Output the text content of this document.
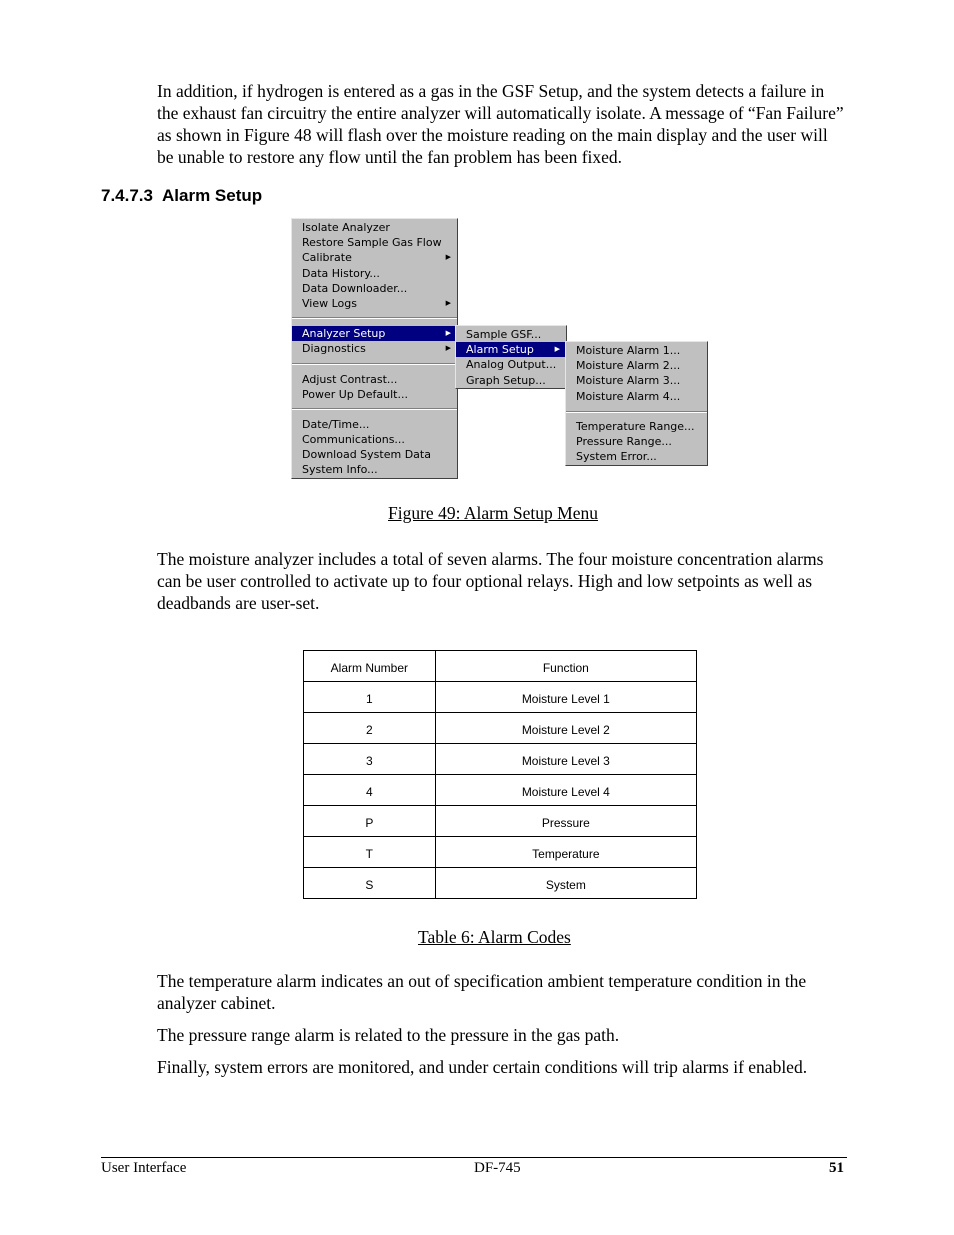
In addition, if hydrogen is entered as a gas in the GSF Setup, and the system detects a failure in the exhaust fan circuitry the entire analyzer will automatically isolate. A message of “Fan Failure” as shown in Figure 48 will flash over the moisture reading on the main display and the user will be unable to restore any flow until the fan problem has been fixed.

7.4.7.3 Alarm Setup
Isolate Analyzer
Restore Sample Gas Flow
Calibrate	▶
Data History...
Data Downloader...
View Logs	▶
Analyzer Setup	▶
Diagnostics	▶
Adjust Contrast...
Power Up Default...
Date/Time...
Communications...
Download System Data
System Info...
Sample GSF...
Alarm Setup	▶
Analog Output...
Graph Setup...
Moisture Alarm 1...
Moisture Alarm 2...
Moisture Alarm 3...
Moisture Alarm 4...
Temperature Range...
Pressure Range...
System Error...

Figure 49: Alarm Setup Menu

The moisture analyzer includes a total of seven alarms. The four moisture concentration alarms can be user controlled to activate up to four optional relays. High and low setpoints as well as deadbands are user-set.

Alarm Number	Function
1	Moisture Level 1
2	Moisture Level 2
3	Moisture Level 3
4	Moisture Level 4
P	Pressure
T	Temperature
S	System

Table 6: Alarm Codes

The temperature alarm indicates an out of specification ambient temperature condition in the analyzer cabinet.

The pressure range alarm is related to the pressure in the gas path.

Finally, system errors are monitored, and under certain conditions will trip alarms if enabled.

User Interface	DF-745	51
